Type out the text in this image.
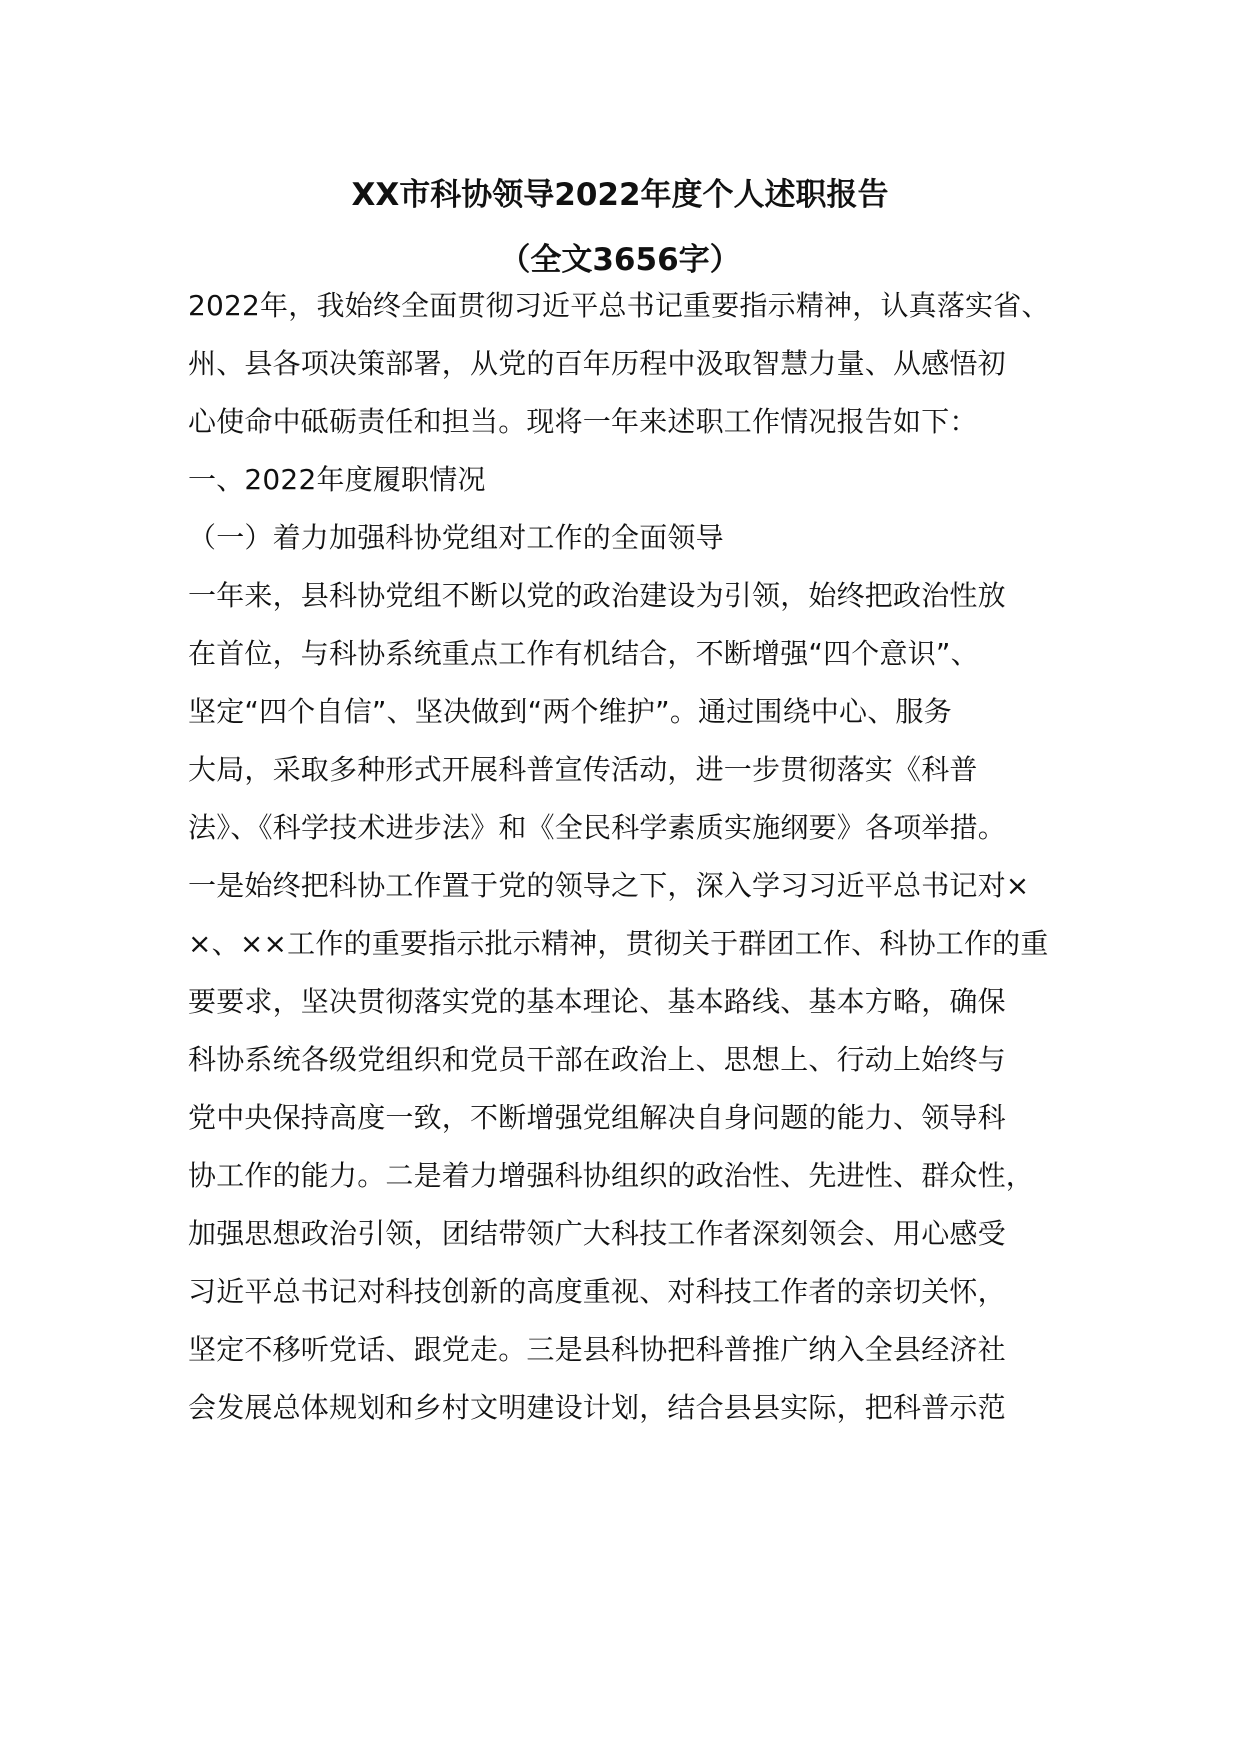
XX市科协领导2022年度个人述职报告
（全文3656字）
2022年，我始终全面贯彻习近平总书记重要指示精神，认真落实省、
州、县各项决策部署，从党的百年历程中汲取智慧力量、从感悟初
心使命中砥砺责任和担当。现将一年来述职工作情况报告如下：
一、2022年度履职情况
（一）着力加强科协党组对工作的全面领导
一年来，县科协党组不断以党的政治建设为引领，始终把政治性放
在首位，与科协系统重点工作有机结合，不断增强“四个意识”、
坚定“四个自信”、坚决做到“两个维护”。通过围绕中心、服务
大局，采取多种形式开展科普宣传活动，进一步贯彻落实《科普
法》、《科学技术进步法》和《全民科学素质实施纲要》各项举措。
一是始终把科协工作置于党的领导之下，深入学习习近平总书记对×
×、××工作的重要指示批示精神，贯彻关于群团工作、科协工作的重
要要求，坚决贯彻落实党的基本理论、基本路线、基本方略，确保
科协系统各级党组织和党员干部在政治上、思想上、行动上始终与
党中央保持高度一致，不断增强党组解决自身问题的能力、领导科
协工作的能力。二是着力增强科协组织的政治性、先进性、群众性，
加强思想政治引领，团结带领广大科技工作者深刻领会、用心感受
习近平总书记对科技创新的高度重视、对科技工作者的亲切关怀，
坚定不移听党话、跟党走。三是县科协把科普推广纳入全县经济社
会发展总体规划和乡村文明建设计划，结合县县实际，把科普示范
